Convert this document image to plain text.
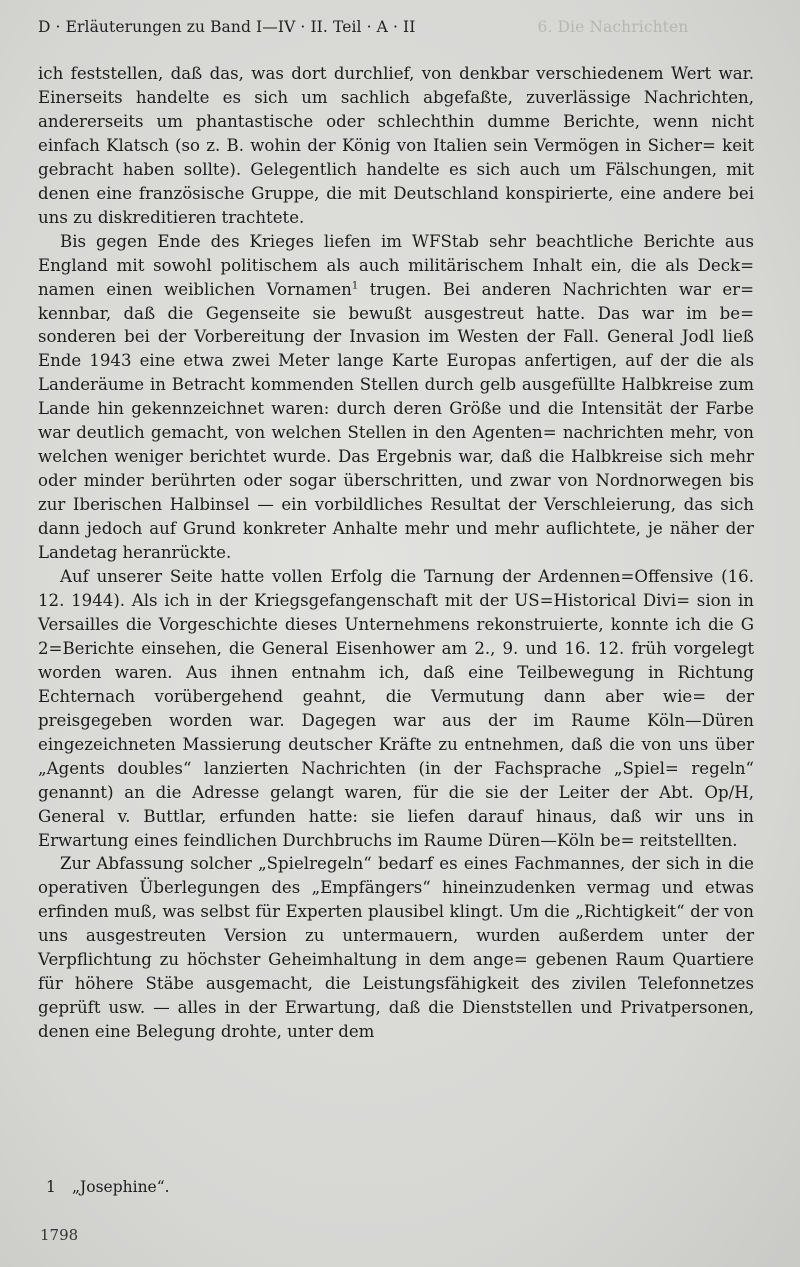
D · Erläuterungen zu Band I—IV · II. Teil · A · II	6. Die Nachrichten

ich feststellen, daß das, was dort durchlief, von denkbar verschiedenem Wert war. Einerseits handelte es sich um sachlich abgefaßte, zuverlässige Nachrichten, andererseits um phantastische oder schlechthin dumme Berichte, wenn nicht einfach Klatsch (so z. B. wohin der König von Italien sein Vermögen in Sicher= keit gebracht haben sollte). Gelegentlich handelte es sich auch um Fälschungen, mit denen eine französische Gruppe, die mit Deutschland konspirierte, eine andere bei uns zu diskreditieren trachtete.

Bis gegen Ende des Krieges liefen im WFStab sehr beachtliche Berichte aus England mit sowohl politischem als auch militärischem Inhalt ein, die als Deck= namen einen weiblichen Vornamen$^1$ trugen. Bei anderen Nachrichten war er= kennbar, daß die Gegenseite sie bewußt ausgestreut hatte. Das war im be= sonderen bei der Vorbereitung der Invasion im Westen der Fall. General Jodl ließ Ende 1943 eine etwa zwei Meter lange Karte Europas anfertigen, auf der die als Landeräume in Betracht kommenden Stellen durch gelb ausgefüllte Halbkreise zum Lande hin gekennzeichnet waren: durch deren Größe und die Intensität der Farbe war deutlich gemacht, von welchen Stellen in den Agenten= nachrichten mehr, von welchen weniger berichtet wurde. Das Ergebnis war, daß die Halbkreise sich mehr oder minder berührten oder sogar überschritten, und zwar von Nordnorwegen bis zur Iberischen Halbinsel — ein vorbildliches Resultat der Verschleierung, das sich dann jedoch auf Grund konkreter Anhalte mehr und mehr auflichtete, je näher der Landetag heranrückte.

Auf unserer Seite hatte vollen Erfolg die Tarnung der Ardennen=Offensive (16. 12. 1944). Als ich in der Kriegsgefangenschaft mit der US=Historical Divi= sion in Versailles die Vorgeschichte dieses Unternehmens rekonstruierte, konnte ich die G 2=Berichte einsehen, die General Eisenhower am 2., 9. und 16. 12. früh vorgelegt worden waren. Aus ihnen entnahm ich, daß eine Teilbewegung in Richtung Echternach vorübergehend geahnt, die Vermutung dann aber wie= der preisgegeben worden war. Dagegen war aus der im Raume Köln—Düren eingezeichneten Massierung deutscher Kräfte zu entnehmen, daß die von uns über „Agents doubles“ lanzierten Nachrichten (in der Fachsprache „Spiel= regeln“ genannt) an die Adresse gelangt waren, für die sie der Leiter der Abt. Op/H, General v. Buttlar, erfunden hatte: sie liefen darauf hinaus, daß wir uns in Erwartung eines feindlichen Durchbruchs im Raume Düren—Köln be= reitstellten.

Zur Abfassung solcher „Spielregeln“ bedarf es eines Fachmannes, der sich in die operativen Überlegungen des „Empfängers“ hineinzudenken vermag und etwas erfinden muß, was selbst für Experten plausibel klingt. Um die „Richtigkeit“ der von uns ausgestreuten Version zu untermauern, wurden außerdem unter der Verpflichtung zu höchster Geheimhaltung in dem ange= gebenen Raum Quartiere für höhere Stäbe ausgemacht, die Leistungsfähigkeit des zivilen Telefonnetzes geprüft usw. — alles in der Erwartung, daß die Dienststellen und Privatpersonen, denen eine Belegung drohte, unter dem

1 „Josephine“.
1798
